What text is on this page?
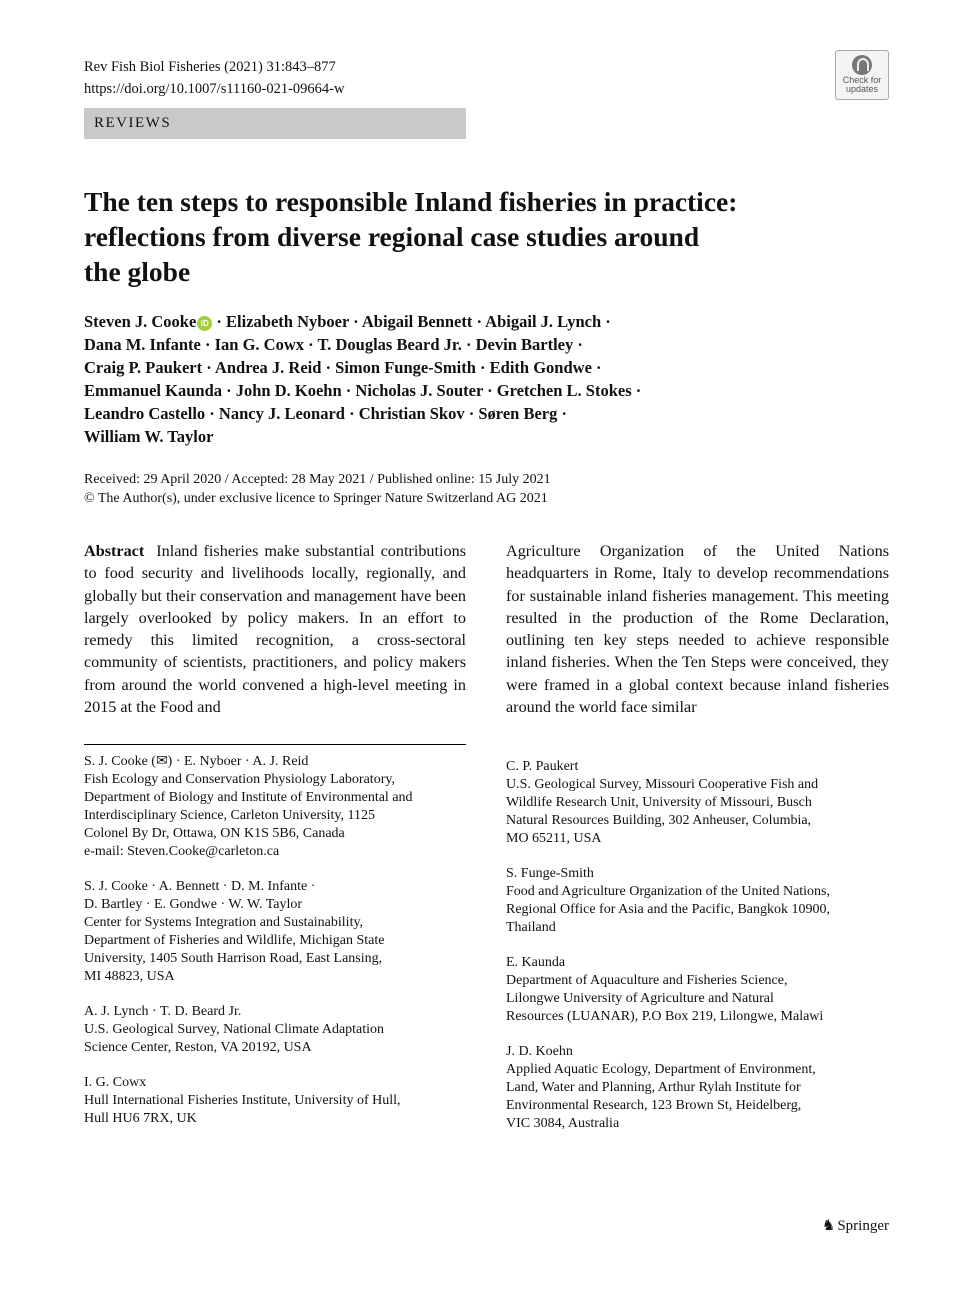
Rev Fish Biol Fisheries (2021) 31:843–877
https://doi.org/10.1007/s11160-021-09664-w
Check for
updates
REVIEWS
The ten steps to responsible Inland fisheries in practice:
reflections from diverse regional case studies around
the globe
Steven J. Cooke iD · Elizabeth Nyboer · Abigail Bennett · Abigail J. Lynch ·
Dana M. Infante · Ian G. Cowx · T. Douglas Beard Jr. · Devin Bartley ·
Craig P. Paukert · Andrea J. Reid · Simon Funge-Smith · Edith Gondwe ·
Emmanuel Kaunda · John D. Koehn · Nicholas J. Souter · Gretchen L. Stokes ·
Leandro Castello · Nancy J. Leonard · Christian Skov · Søren Berg ·
William W. Taylor
Received: 29 April 2020 / Accepted: 28 May 2021 / Published online: 15 July 2021
© The Author(s), under exclusive licence to Springer Nature Switzerland AG 2021
Abstract Inland fisheries make substantial contributions to food security and livelihoods locally, regionally, and globally but their conservation and management have been largely overlooked by policy makers. In an effort to remedy this limited recognition, a cross-sectoral community of scientists, practitioners, and policy makers from around the world convened a high-level meeting in 2015 at the Food and
Agriculture Organization of the United Nations headquarters in Rome, Italy to develop recommendations for sustainable inland fisheries management. This meeting resulted in the production of the Rome Declaration, outlining ten key steps needed to achieve responsible inland fisheries. When the Ten Steps were conceived, they were framed in a global context because inland fisheries around the world face similar
S. J. Cooke (✉) · E. Nyboer · A. J. Reid
Fish Ecology and Conservation Physiology Laboratory,
Department of Biology and Institute of Environmental and
Interdisciplinary Science, Carleton University, 1125
Colonel By Dr, Ottawa, ON K1S 5B6, Canada
e-mail: Steven.Cooke@carleton.ca
S. J. Cooke · A. Bennett · D. M. Infante ·
D. Bartley · E. Gondwe · W. W. Taylor
Center for Systems Integration and Sustainability,
Department of Fisheries and Wildlife, Michigan State
University, 1405 South Harrison Road, East Lansing,
MI 48823, USA
A. J. Lynch · T. D. Beard Jr.
U.S. Geological Survey, National Climate Adaptation
Science Center, Reston, VA 20192, USA
I. G. Cowx
Hull International Fisheries Institute, University of Hull,
Hull HU6 7RX, UK
C. P. Paukert
U.S. Geological Survey, Missouri Cooperative Fish and
Wildlife Research Unit, University of Missouri, Busch
Natural Resources Building, 302 Anheuser, Columbia,
MO 65211, USA
S. Funge-Smith
Food and Agriculture Organization of the United Nations,
Regional Office for Asia and the Pacific, Bangkok 10900,
Thailand
E. Kaunda
Department of Aquaculture and Fisheries Science,
Lilongwe University of Agriculture and Natural
Resources (LUANAR), P.O Box 219, Lilongwe, Malawi
J. D. Koehn
Applied Aquatic Ecology, Department of Environment,
Land, Water and Planning, Arthur Rylah Institute for
Environmental Research, 123 Brown St, Heidelberg,
VIC 3084, Australia
♞ Springer
